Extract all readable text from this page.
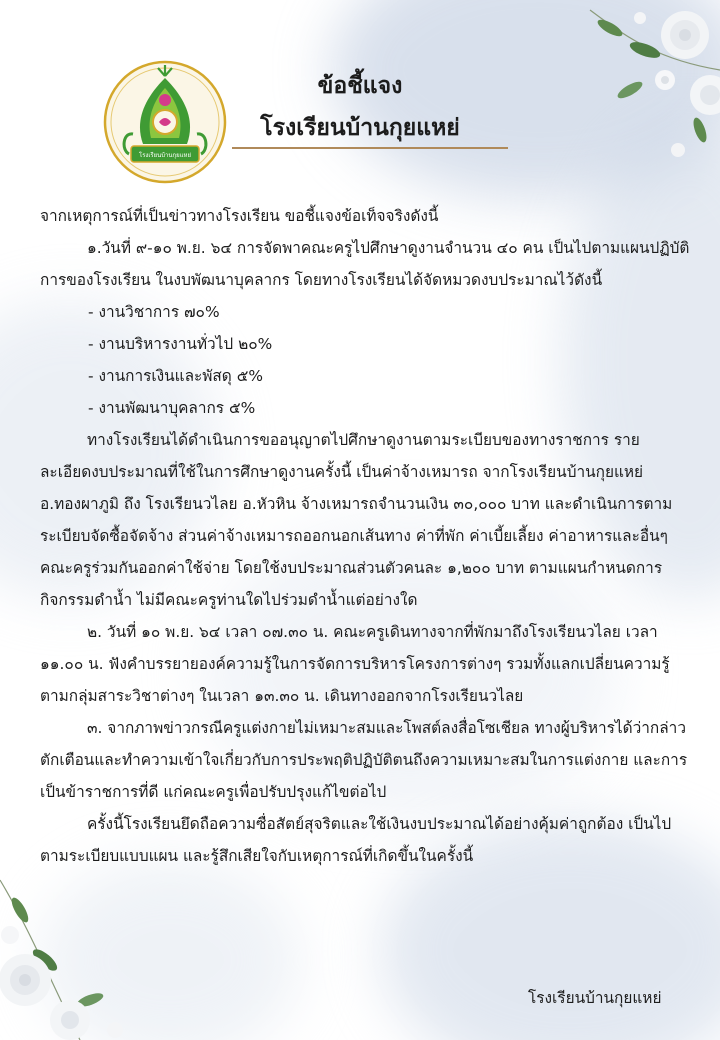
โรงเรียนบ้านกุยแหย่
ข้อชี้แจง
โรงเรียนบ้านกุยแหย่

จากเหตุการณ์ที่เป็นข่าวทางโรงเรียน ขอชี้แจงข้อเท็จจริงดังนี้

๑.วันที่ ๙-๑๐ พ.ย. ๖๔ การจัดพาคณะครูไปศึกษาดูงานจำนวน ๔๐ คน เป็นไปตามแผนปฏิบัติการของโรงเรียน ในงบพัฒนาบุคลากร โดยทางโรงเรียนได้จัดหมวดงบประมาณไว้ดังนี้

- งานวิชาการ ๗๐%

- งานบริหารงานทั่วไป ๒๐%

- งานการเงินและพัสดุ ๕%

- งานพัฒนาบุคลากร ๕%

ทางโรงเรียนได้ดำเนินการขออนุญาตไปศึกษาดูงานตามระเบียบของทางราชการ รายละเอียดงบประมาณที่ใช้ในการศึกษาดูงานครั้งนี้ เป็นค่าจ้างเหมารถ จากโรงเรียนบ้านกุยแหย่ อ.ทองผาภูมิ ถึง โรงเรียนวไลย อ.หัวหิน จ้างเหมารถจำนวนเงิน ๓๐,๐๐๐ บาท และดำเนินการตามระเบียบจัดซื้อจัดจ้าง ส่วนค่าจ้างเหมารถออกนอกเส้นทาง ค่าที่พัก ค่าเบี้ยเลี้ยง ค่าอาหารและอื่นๆ คณะครูร่วมกันออกค่าใช้จ่าย โดยใช้งบประมาณส่วนตัวคนละ ๑,๒๐๐ บาท ตามแผนกำหนดการกิจกรรมดำน้ำ ไม่มีคณะครูท่านใดไปร่วมดำน้ำแต่อย่างใด

๒. วันที่ ๑๐ พ.ย. ๖๔ เวลา ๐๗.๓๐ น. คณะครูเดินทางจากที่พักมาถึงโรงเรียนวไลย เวลา ๑๑.๐๐ น. ฟังคำบรรยายองค์ความรู้ในการจัดการบริหารโครงการต่างๆ รวมทั้งแลกเปลี่ยนความรู้ตามกลุ่มสาระวิชาต่างๆ ในเวลา ๑๓.๓๐ น. เดินทางออกจากโรงเรียนวไลย

๓. จากภาพข่าวกรณีครูแต่งกายไม่เหมาะสมและโพสต์ลงสื่อโซเชียล ทางผู้บริหารได้ว่ากล่าวตักเตือนและทำความเข้าใจเกี่ยวกับการประพฤติปฏิบัติตนถึงความเหมาะสมในการแต่งกาย และการเป็นข้าราชการที่ดี แก่คณะครูเพื่อปรับปรุงแก้ไขต่อไป

ครั้งนี้โรงเรียนยึดถือความซื่อสัตย์สุจริตและใช้เงินงบประมาณได้อย่างคุ้มค่าถูกต้อง เป็นไปตามระเบียบแบบแผน และรู้สึกเสียใจกับเหตุการณ์ที่เกิดขึ้นในครั้งนี้

โรงเรียนบ้านกุยแหย่
